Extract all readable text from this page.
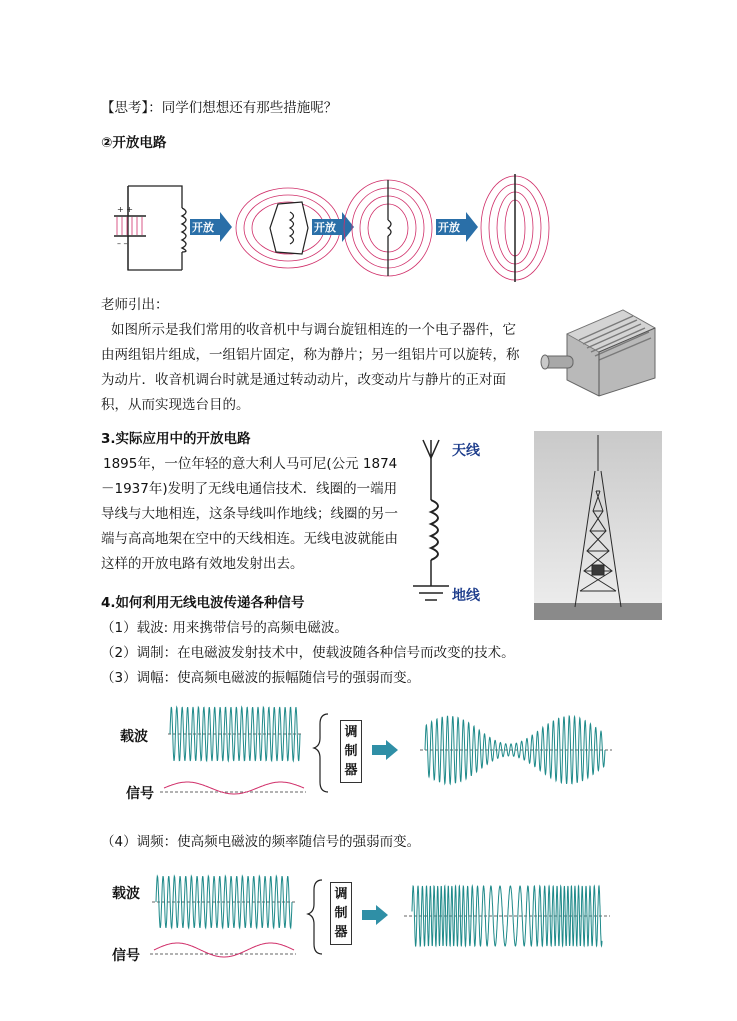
【思考】：同学们想想还有那些措施呢？
②开放电路
+ +
– –
开放	开放	开放
老师引出：
如图所示是我们常用的收音机中与调台旋钮相连的一个电子器件，它由两组铝片组成，一组铝片固定，称为静片；另一组铝片可以旋转，称为动片．收音机调台时就是通过转动动片，改变动片与静片的正对面积，从而实现选台目的。
3.实际应用中的开放电路
1895年，一位年轻的意大利人马可尼(公元 1874－1937年)发明了无线电通信技术．线圈的一端用导线与大地相连，这条导线叫作地线；线圈的另一端与高高地架在空中的天线相连。无线电波就能由这样的开放电路有效地发射出去。
天线
地线
4.如何利用无线电波传递各种信号
（1）载波: 用来携带信号的高频电磁波。
（2）调制：在电磁波发射技术中，使载波随各种信号而改变的技术。
（3）调幅：使高频电磁波的振幅随信号的强弱而变。
载波
信号
调
制
器
（4）调频：使高频电磁波的频率随信号的强弱而变。
载波
信号
调
制
器
